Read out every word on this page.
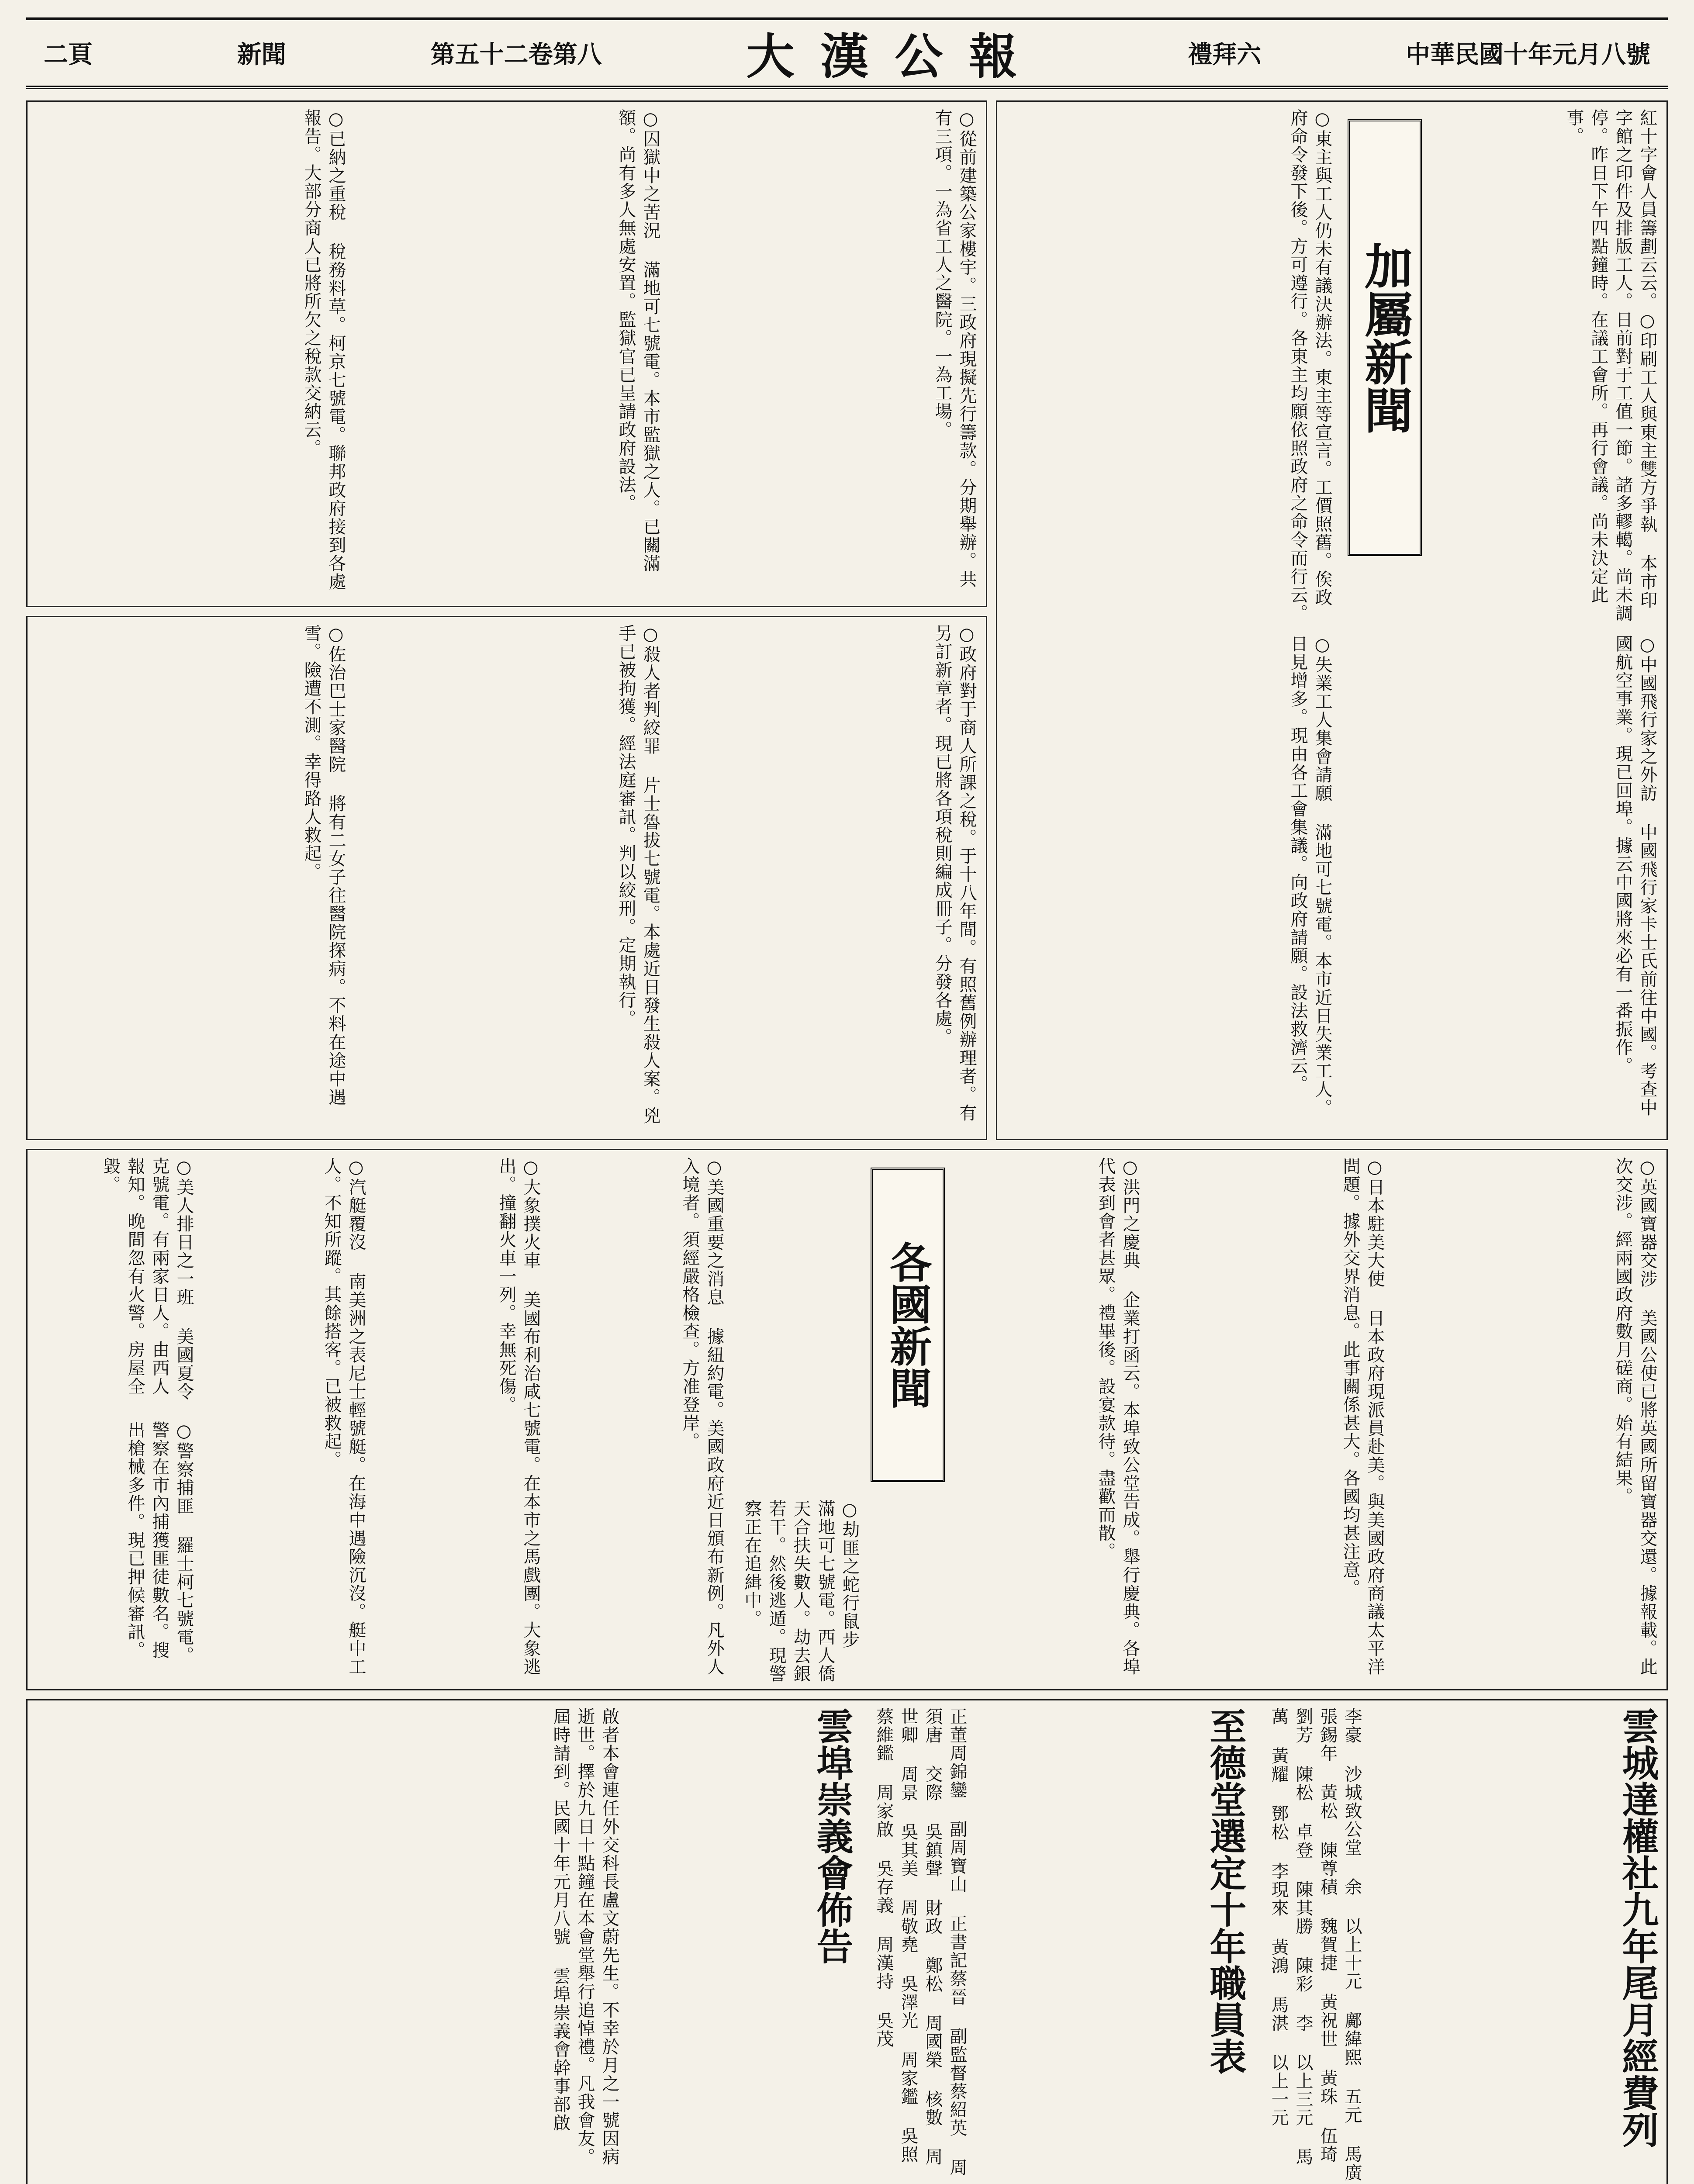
二頁	新聞	第五十二卷第八	大漢公報	禮拜六	中華民國十年元月八號
加屬新聞	紅十字會人員籌劃云云。○印刷工人與東主雙方爭執 本市印字館之印件及排版工人。日前對于工值一節。諸多轇轕。尚未調停。昨日下午四點鐘時。在議工會所。再行會議。尚未決定此事。
○東主與工人仍未有議決辦法。東主等宣言。工價照舊。俟政府命令發下後。方可遵行。各東主均願依照政府之命令而行云。
○中國飛行家之外訪 中國飛行家卡士氏前往中國。考查中國航空事業。現已回埠。據云中國將來必有一番振作。
○失業工人集會請願 滿地可七號電。本市近日失業工人。日見增多。現由各工會集議。向政府請願。設法救濟云。
○從前建築公家樓宇。三政府現擬先行籌款。分期舉辦。共有三項。一為省工人之醫院。一為工場。
○囚獄中之苦況 滿地可七號電。本市監獄之人。已關滿額。尚有多人無處安置。監獄官已呈請政府設法。
○已納之重稅 稅務料草。柯京七號電。聯邦政府接到各處報告。大部分商人已將所欠之稅款交納云。
○政府對于商人所課之稅。于十八年間。有照舊例辦理者。有另訂新章者。現已將各項稅則編成冊子。分發各處。
○殺人者判絞罪 片士魯拔七號電。本處近日發生殺人案。兇手已被拘獲。經法庭審訊。判以絞刑。定期執行。
○佐治巴士家醫院 將有二女子往醫院探病。不料在途中遇雪。險遭不測。幸得路人救起。
各國新聞	○英國寶器交涉 美國公使已將英國所留寶器交還。據報載。此次交涉。經兩國政府數月磋商。始有結果。
○日本駐美大使 日本政府現派員赴美。與美國政府商議太平洋問題。據外交界消息。此事關係甚大。各國均甚注意。
○洪門之慶典 企業打函云。本埠致公堂告成。舉行慶典。各埠代表到會者甚眾。禮畢後。設宴款待。盡歡而散。
○劫匪之蛇行鼠步 滿地可七號電。西人僑天合扶失數人。劫去銀若干。然後逃遁。現警察正在追緝中。
○美國重要之消息 據紐約電。美國政府近日頒布新例。凡外人入境者。須經嚴格檢查。方准登岸。
○大象撲火車 美國布利治咸七號電。在本市之馬戲團。大象逃出。撞翻火車一列。幸無死傷。
○汽艇覆沒 南美洲之表尼士輕號艇。在海中遇險沉沒。艇中工人。不知所蹤。其餘搭客。已被救起。
○美人排日之一班 美國夏令克號電。有兩家日人。由西人報知。晚間忽有火警。房屋全毀。
○警察捕匪 羅士柯七號電。警察在市內捕獲匪徒數名。搜出槍械多件。現已押候審訊。
雲城達權社九年尾月經費列
李豪 沙城致公堂 余 以上十元 鄺緯熙 五元 馬廣 張錫年 黃松 陳尊積 魏賀捷 黃祝世 黃珠 伍琦 劉芳 陳松 卓登 陳其勝 陳彩 李 以上三元 馬萬 黃耀 鄧松 李現來 黃鴻 馬湛 以上一元
至德堂選定十年職員表
正董周錦鑾 副周寶山 正書記蔡晉 副監督蔡紹英 周須唐 交際 吳鎮聲 財政 鄭松 周國榮 核數 周世卿 周景 吳其美 周敬堯 吳澤光 周家鑑 吳照 蔡維鑑 周家啟 吳存義 周漢持 吳茂
雲埠崇義會佈告
啟者本會連任外交科長盧文蔚先生。不幸於月之一號因病逝世。擇於九日十點鐘在本會堂舉行追悼禮。凡我會友。屆時請到。民國十年元月八號 雲埠崇義會幹事部啟
